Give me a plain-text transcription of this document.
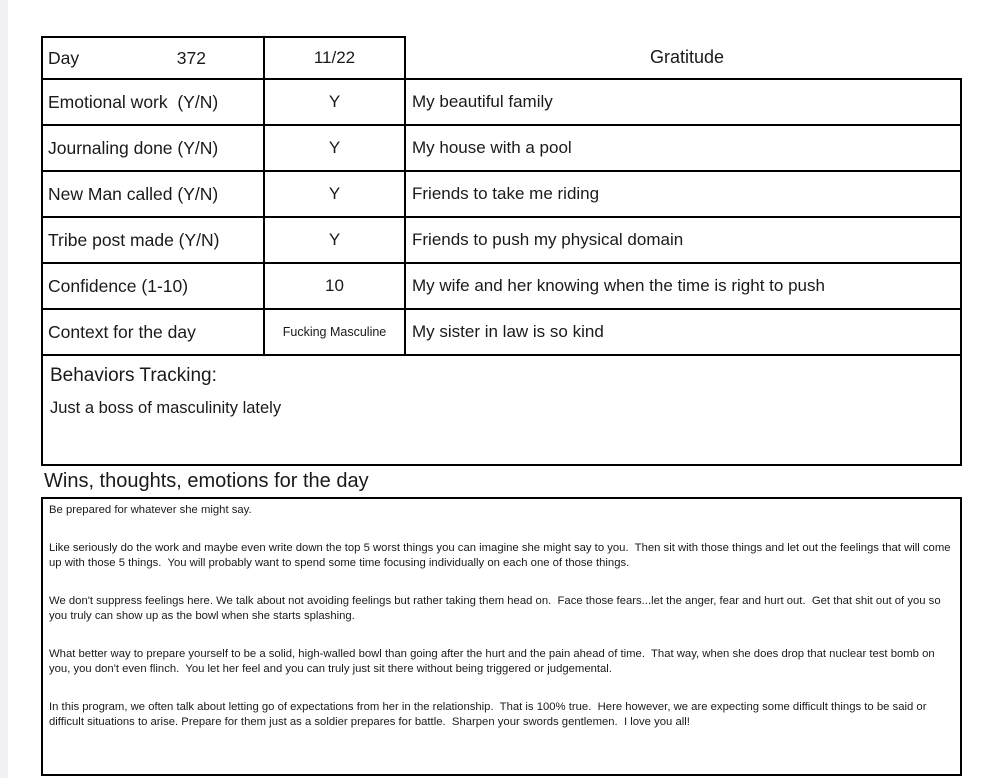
Day	372	11/22	Gratitude
Emotional work  (Y/N)	Y	My beautiful family
Journaling done (Y/N)	Y	My house with a pool
New Man called (Y/N)	Y	Friends to take me riding
Tribe post made (Y/N)	Y	Friends to push my physical domain
Confidence (1-10)	10	My wife and her knowing when the time is right to push
Context for the day	Fucking Masculine	My sister in law is so kind
Behaviors Tracking:
Just a boss of masculinity lately
Wins, thoughts, emotions for the day

Be prepared for whatever she might say.

Like seriously do the work and maybe even write down the top 5 worst things you can imagine she might say to you.  Then sit with those things and let out the feelings that will come up with those 5 things.  You will probably want to spend some time focusing individually on each one of those things.

We don't suppress feelings here. We talk about not avoiding feelings but rather taking them head on.  Face those fears...let the anger, fear and hurt out.  Get that shit out of you so you truly can show up as the bowl when she starts splashing.

What better way to prepare yourself to be a solid, high-walled bowl than going after the hurt and the pain ahead of time.  That way, when she does drop that nuclear test bomb on you, you don't even flinch.  You let her feel and you can truly just sit there without being triggered or judgemental.

In this program, we often talk about letting go of expectations from her in the relationship.  That is 100% true.  Here however, we are expecting some difficult things to be said or difficult situations to arise. Prepare for them just as a soldier prepares for battle.  Sharpen your swords gentlemen.  I love you all!
